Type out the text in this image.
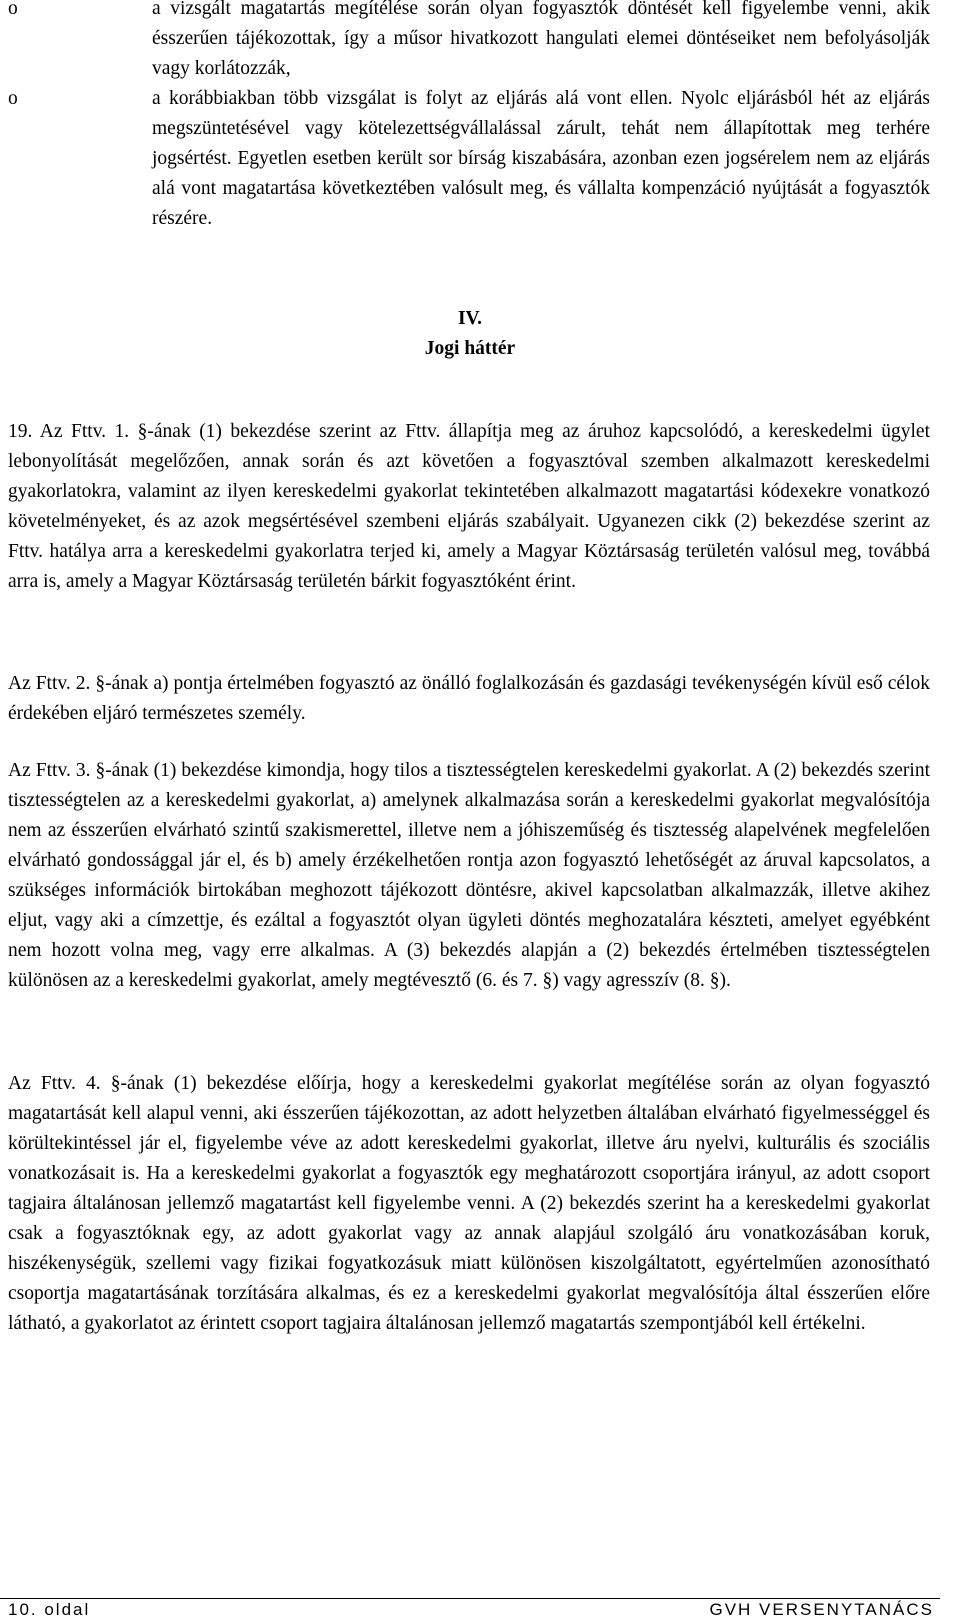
o	a vizsgált magatartás megítélése során olyan fogyasztók döntését kell figyelembe venni, akik ésszerűen tájékozottak, így a műsor hivatkozott hangulati elemei döntéseiket nem befolyásolják vagy korlátozzák,
o	a korábbiakban több vizsgálat is folyt az eljárás alá vont ellen. Nyolc eljárásból hét az eljárás megszüntetésével vagy kötelezettségvállalással zárult, tehát nem állapítottak meg terhére jogsértést. Egyetlen esetben került sor bírság kiszabására, azonban ezen jogsérelem nem az eljárás alá vont magatartása következtében valósult meg, és vállalta kompenzáció nyújtását a fogyasztók részére.
IV.
Jogi háttér

19. Az Fttv. 1. §-ának (1) bekezdése szerint az Fttv. állapítja meg az áruhoz kapcsolódó, a kereskedelmi ügylet lebonyolítását megelőzően, annak során és azt követően a fogyasztóval szemben alkalmazott kereskedelmi gyakorlatokra, valamint az ilyen kereskedelmi gyakorlat tekintetében alkalmazott magatartási kódexekre vonatkozó követelményeket, és az azok megsértésével szembeni eljárás szabályait. Ugyanezen cikk (2) bekezdése szerint az Fttv. hatálya arra a kereskedelmi gyakorlatra terjed ki, amely a Magyar Köztársaság területén valósul meg, továbbá arra is, amely a Magyar Köztársaság területén bárkit fogyasztóként érint.

Az Fttv. 2. §-ának a) pontja értelmében fogyasztó az önálló foglalkozásán és gazdasági tevékenységén kívül eső célok érdekében eljáró természetes személy.

Az Fttv. 3. §-ának (1) bekezdése kimondja, hogy tilos a tisztességtelen kereskedelmi gyakorlat. A (2) bekezdés szerint tisztességtelen az a kereskedelmi gyakorlat, a) amelynek alkalmazása során a kereskedelmi gyakorlat megvalósítója nem az ésszerűen elvárható szintű szakismerettel, illetve nem a jóhiszeműség és tisztesség alapelvének megfelelően elvárható gondossággal jár el, és b) amely érzékelhetően rontja azon fogyasztó lehetőségét az áruval kapcsolatos, a szükséges információk birtokában meghozott tájékozott döntésre, akivel kapcsolatban alkalmazzák, illetve akihez eljut, vagy aki a címzettje, és ezáltal a fogyasztót olyan ügyleti döntés meghozatalára készteti, amelyet egyébként nem hozott volna meg, vagy erre alkalmas. A (3) bekezdés alapján a (2) bekezdés értelmében tisztességtelen különösen az a kereskedelmi gyakorlat, amely megtévesztő (6. és 7. §) vagy agresszív (8. §).

Az Fttv. 4. §-ának (1) bekezdése előírja, hogy a kereskedelmi gyakorlat megítélése során az olyan fogyasztó magatartását kell alapul venni, aki ésszerűen tájékozottan, az adott helyzetben általában elvárható figyelmességgel és körültekintéssel jár el, figyelembe véve az adott kereskedelmi gyakorlat, illetve áru nyelvi, kulturális és szociális vonatkozásait is. Ha a kereskedelmi gyakorlat a fogyasztók egy meghatározott csoportjára irányul, az adott csoport tagjaira általánosan jellemző magatartást kell figyelembe venni. A (2) bekezdés szerint ha a kereskedelmi gyakorlat csak a fogyasztóknak egy, az adott gyakorlat vagy az annak alapjául szolgáló áru vonatkozásában koruk, hiszékenységük, szellemi vagy fizikai fogyatkozásuk miatt különösen kiszolgáltatott, egyértelműen azonosítható csoportja magatartásának torzítására alkalmas, és ez a kereskedelmi gyakorlat megvalósítója által ésszerűen előre látható, a gyakorlatot az érintett csoport tagjaira általánosan jellemző magatartás szempontjából kell értékelni.

10. oldal	GVH VERSENYTANÁCS
